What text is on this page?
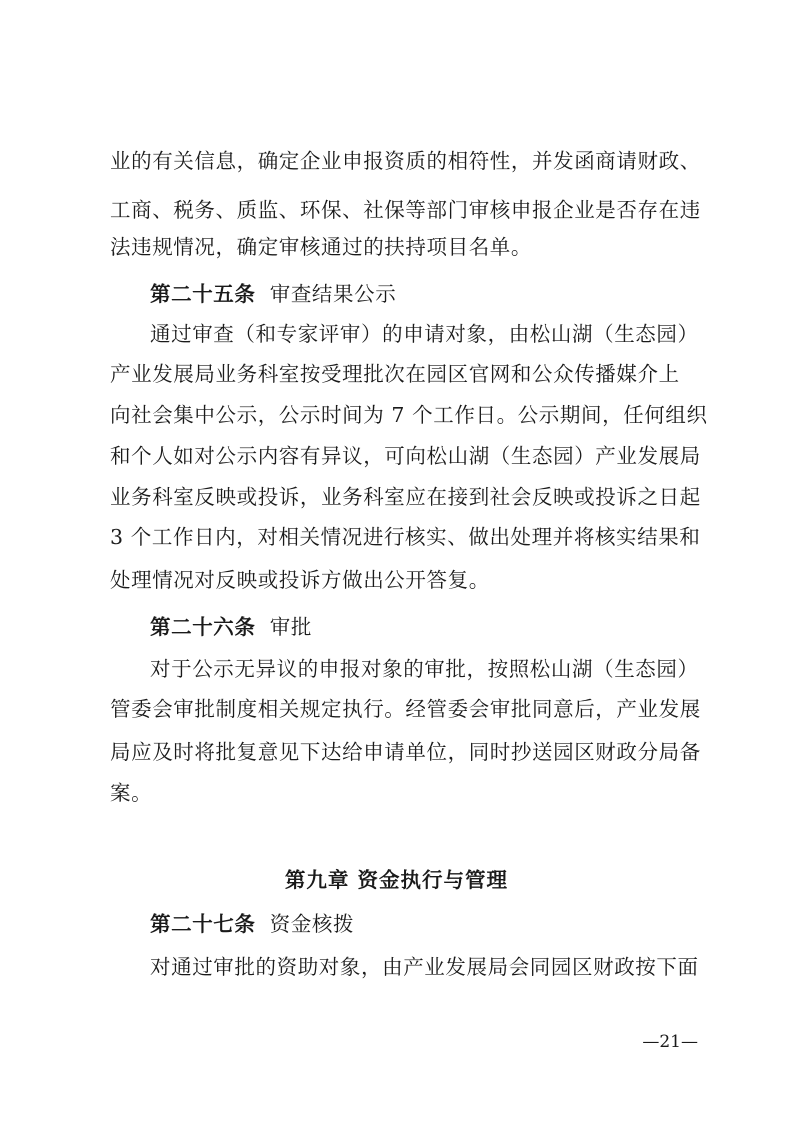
业的有关信息，确定企业申报资质的相符性，并发函商请财政、
工商、税务、质监、环保、社保等部门审核申报企业是否存在违
法违规情况，确定审核通过的扶持项目名单。
第二十五条 审查结果公示
通过审查（和专家评审）的申请对象，由松山湖（生态园）
产业发展局业务科室按受理批次在园区官网和公众传播媒介上
向社会集中公示，公示时间为 7 个工作日。公示期间，任何组织
和个人如对公示内容有异议，可向松山湖（生态园）产业发展局
业务科室反映或投诉，业务科室应在接到社会反映或投诉之日起
3 个工作日内，对相关情况进行核实、做出处理并将核实结果和
处理情况对反映或投诉方做出公开答复。
第二十六条 审批
对于公示无异议的申报对象的审批，按照松山湖（生态园）
管委会审批制度相关规定执行。经管委会审批同意后，产业发展
局应及时将批复意见下达给申请单位，同时抄送园区财政分局备
案。
第九章 资金执行与管理
第二十七条 资金核拨
对通过审批的资助对象，由产业发展局会同园区财政按下面
—21—
